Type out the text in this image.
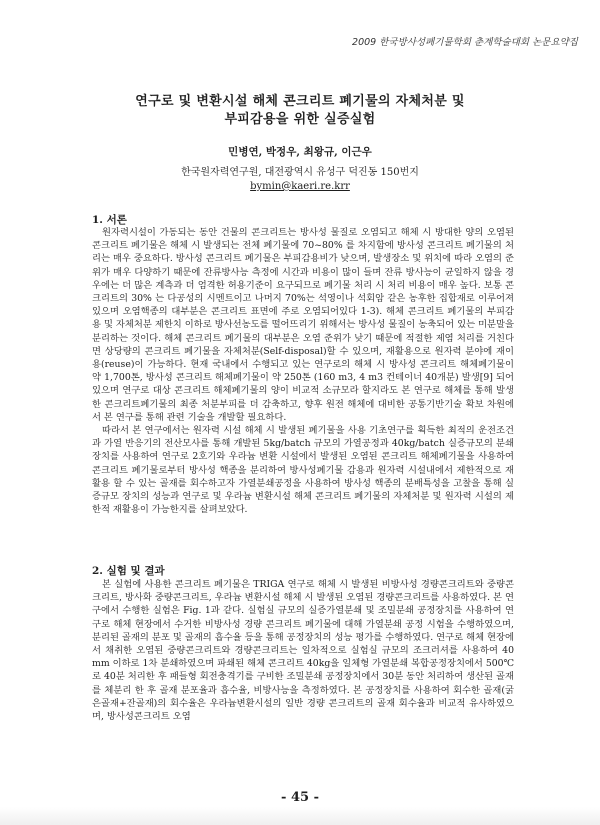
2009 한국방사성폐기물학회 춘계학술대회 논문요약집
연구로 및 변환시설 해체 콘크리트 폐기물의 자체처분 및
부피감용을 위한 실증실험
민병연, 박정우, 최왕규, 이근우
한국원자력연구원, 대전광역시 유성구 덕진동 150번지
bymin@kaeri.re.krr
1. 서론

원자력시설이 가동되는 동안 건물의 콘크리트는 방사성 물질로 오염되고 해체 시 방대한 양의 오염된 콘크리트 폐기물은 해체 시 발생되는 전체 폐기물에 70~80% 를 차지함에 방사성 콘크리트 폐기물의 처리는 매우 중요하다. 방사성 콘크리트 폐기물은 부피감용비가 낮으며, 발생장소 및 위치에 따라 오염의 준위가 매우 다양하기 때문에 잔류방사능 측정에 시간과 비용이 많이 들며 잔류 방사능이 균일하지 않을 경우에는 더 많은 계측과 더 엄격한 허용기준이 요구되므로 폐기물 처리 시 처리 비용이 매우 높다. 보통 콘크리트의 30% 는 다공성의 시멘트이고 나머지 70%는 석영이나 석회암 같은 농후한 집합재로 이루어져 있으며 오염핵종의 대부분은 콘크리트 표면에 주로 오염되어있다 1-3). 해체 콘크리트 폐기물의 부피감용 및 자체처분 제한치 이하로 방사선농도를 떨어뜨리기 위해서는 방사성 물질이 농축되어 있는 미분말을 분리하는 것이다. 해체 콘크리트 폐기물의 대부분은 오염 준위가 낮기 때문에 적절한 제염 처리를 거친다면 상당량의 콘크리트 폐기물을 자체처분(Self-disposal)할 수 있으며, 재활용으로 원자력 분야에 재이용(reuse)이 가능하다. 현재 국내에서 수행되고 있는 연구로의 해체 시 방사성 콘크리트 해체폐기물이 약 1,700톤, 방사성 콘크리트 해체폐기물이 약 250톤 (160 m3, 4 m3 컨테이너 40개분) 발생[9] 되어 있으며 연구로 대상 콘크리트 해체폐기물의 양이 비교적 소규모라 할지라도 본 연구로 해체를 통해 발생한 콘크리트폐기물의 최종 처분부피를 더 감축하고, 향후 원전 해체에 대비한 공통기반기술 확보 차원에서 본 연구를 통해 관련 기술을 개발할 필요하다.

따라서 본 연구에서는 원자력 시설 해체 시 발생된 폐기물을 사용 기초연구를 획득한 최적의 운전조건과 가열 반응기의 전산모사를 통해 개발된 5kg/batch 규모의 가열공정과 40kg/batch 실증규모의 분쇄장치를 사용하여 연구로 2호기와 우라늄 변환 시설에서 발생된 오염된 콘크리트 해체폐기물을 사용하여 콘크리트 폐기물로부터 방사성 핵종을 분리하여 방사성폐기물 감용과 원자력 시설내에서 제한적으로 재활용 할 수 있는 골재를 회수하고자 가열분쇄공정을 사용하여 방사성 핵종의 분배특성을 고찰을 통해 실증규모 장치의 성능과 연구로 및 우라늄 변환시설 해체 콘크리트 폐기물의 자체처분 및 원자력 시설의 제한적 재활용이 가능한지를 살펴보았다.

2. 실험 및 결과

본 실험에 사용한 콘크리트 폐기물은 TRIGA 연구로 해체 시 발생된 비방사성 경량콘크리트와 중량콘크리트, 방사화 중량콘크리트, 우라늄 변환시설 해체 시 발생된 오염된 경량콘크리트를 사용하였다. 본 연구에서 수행한 실험은 Fig. 1과 같다. 실험실 규모의 실증가열분쇄 및 조밀분쇄 공정장치를 사용하여 연구로 해체 현장에서 수거한 비방사성 경량 콘크리트 폐기물에 대해 가열분쇄 공정 시험을 수행하였으며, 분리된 골재의 분포 및 골재의 흡수율 등을 통해 공정장치의 성능 평가를 수행하였다. 연구로 해체 현장에서 채취한 오염된 중량콘크리트와 경량콘크리트는 일차적으로 실험실 규모의 조크러셔를 사용하여 40 mm 이하로 1차 분쇄하였으며 파쇄된 해체 콘크리트 40kg을 일체형 가열분쇄 복합공정장치에서 500℃로 40분 처리한 후 패들형 회전충격기를 구비한 조밀분쇄 공정장치에서 30분 동안 처리하여 생산된 골재를 체분리 한 후 골재 분포율과 흡수율, 비방사능을 측정하였다. 본 공정장치를 사용하여 회수한 골재(굵은골재+잔골재)의 회수율은 우라늄변환시설의 일반 경량 콘크리트의 골재 회수율과 비교적 유사하였으며, 방사성콘크리트 오염

- 45 -
